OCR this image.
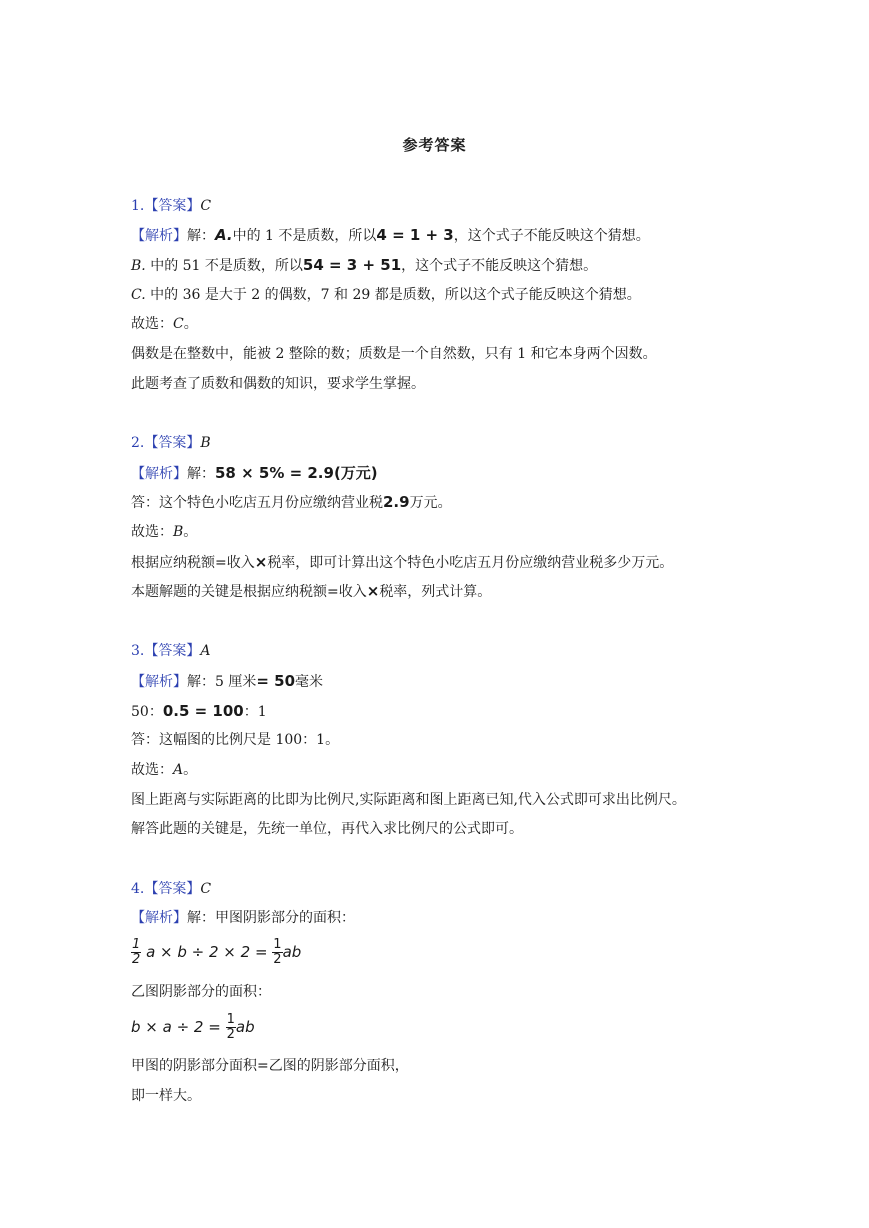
参考答案
1.【答案】C
【解析】解：A.中的 1 不是质数，所以4 = 1 + 3，这个式子不能反映这个猜想。
B. 中的 51 不是质数，所以54 = 3 + 51，这个式子不能反映这个猜想。
C. 中的 36 是大于 2 的偶数，7 和 29 都是质数，所以这个式子能反映这个猜想。
故选：C。
偶数是在整数中，能被 2 整除的数；质数是一个自然数，只有 1 和它本身两个因数。
此题考查了质数和偶数的知识，要求学生掌握。
2.【答案】B
【解析】解：58 × 5% = 2.9(万元)
答：这个特色小吃店五月份应缴纳营业税2.9万元。
故选：B。
根据应纳税额=收入×税率，即可计算出这个特色小吃店五月份应缴纳营业税多少万元。
本题解题的关键是根据应纳税额=收入×税率，列式计算。
3.【答案】A
【解析】解：5 厘米= 50毫米
50：0.5 = 100：1
答：这幅图的比例尺是 100：1。
故选：A。
图上距离与实际距离的比即为比例尺,实际距离和图上距离已知,代入公式即可求出比例尺。
解答此题的关键是，先统一单位，再代入求比例尺的公式即可。
4.【答案】C
【解析】解：甲图阴影部分的面积：
$\frac{1}{2}$ $a \times b \div 2 \times 2 = \frac{1}{2}$ ab
乙图阴影部分的面积：
$b \times a \div 2 = \frac{1}{2}$ ab
甲图的阴影部分面积=乙图的阴影部分面积，
即一样大。
